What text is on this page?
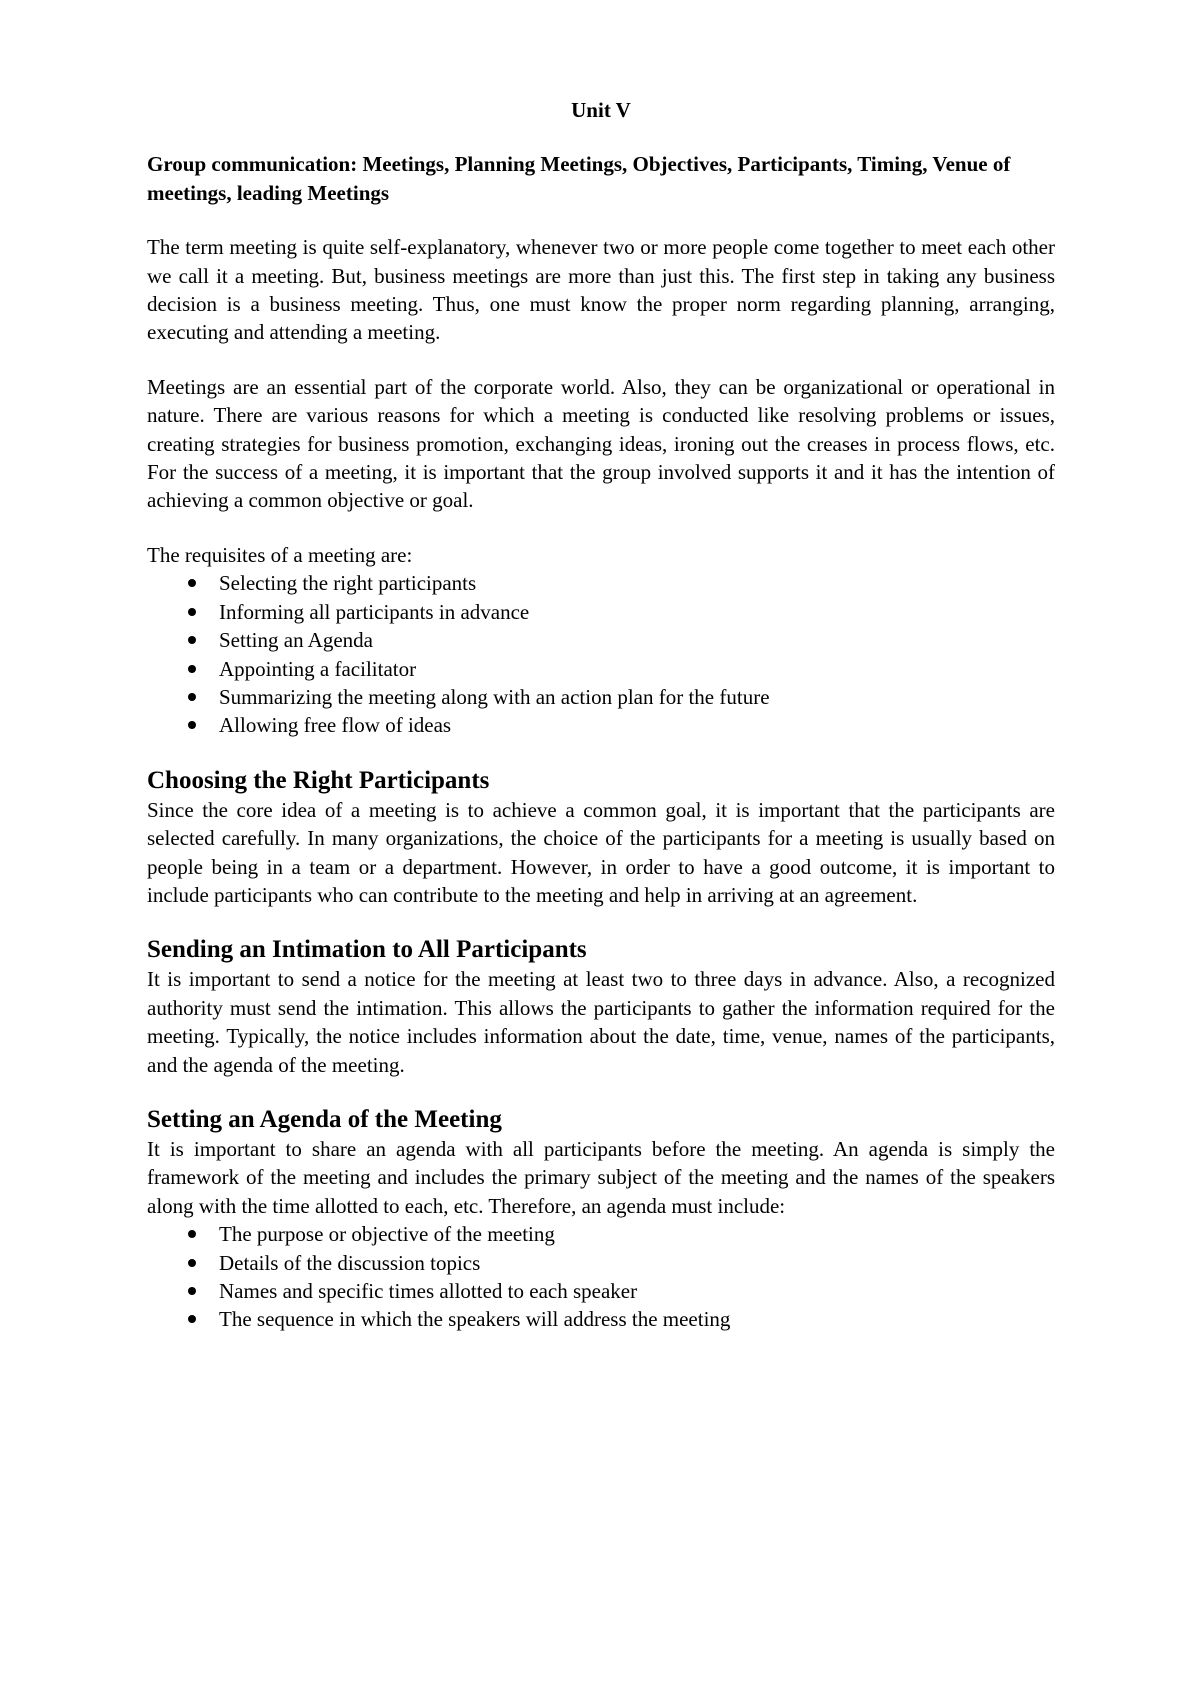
Unit V
Group communication: Meetings, Planning Meetings, Objectives, Participants, Timing, Venue of meetings, leading Meetings

The term meeting is quite self-explanatory, whenever two or more people come together to meet each other we call it a meeting. But, business meetings are more than just this. The first step in taking any business decision is a business meeting. Thus, one must know the proper norm regarding planning, arranging, executing and attending a meeting.

Meetings are an essential part of the corporate world. Also, they can be organizational or operational in nature. There are various reasons for which a meeting is conducted like resolving problems or issues, creating strategies for business promotion, exchanging ideas, ironing out the creases in process flows, etc. For the success of a meeting, it is important that the group involved supports it and it has the intention of achieving a common objective or goal.

The requisites of a meeting are:

Selecting the right participants
Informing all participants in advance
Setting an Agenda
Appointing a facilitator
Summarizing the meeting along with an action plan for the future
Allowing free flow of ideas
Choosing the Right Participants

Since the core idea of a meeting is to achieve a common goal, it is important that the participants are selected carefully. In many organizations, the choice of the participants for a meeting is usually based on people being in a team or a department. However, in order to have a good outcome, it is important to include participants who can contribute to the meeting and help in arriving at an agreement.

Sending an Intimation to All Participants

It is important to send a notice for the meeting at least two to three days in advance. Also, a recognized authority must send the intimation. This allows the participants to gather the information required for the meeting. Typically, the notice includes information about the date, time, venue, names of the participants, and the agenda of the meeting.

Setting an Agenda of the Meeting

It is important to share an agenda with all participants before the meeting. An agenda is simply the framework of the meeting and includes the primary subject of the meeting and the names of the speakers along with the time allotted to each, etc. Therefore, an agenda must include:

The purpose or objective of the meeting
Details of the discussion topics
Names and specific times allotted to each speaker
The sequence in which the speakers will address the meeting
